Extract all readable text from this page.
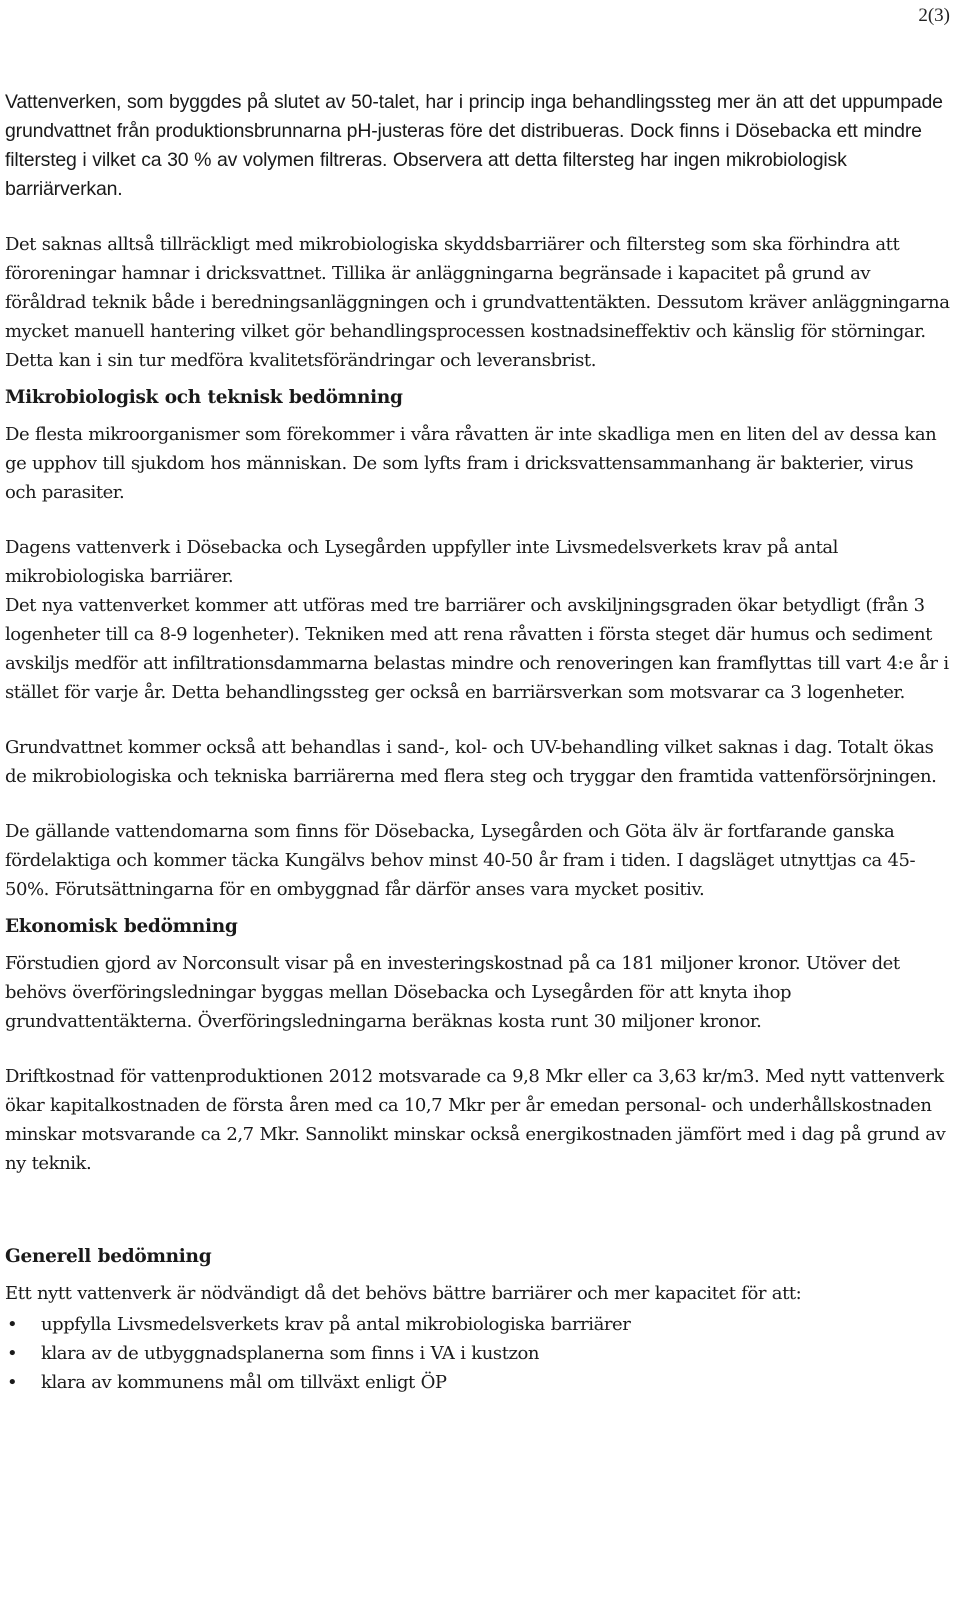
2(3)

Vattenverken, som byggdes på slutet av 50-talet, har i princip inga behandlingssteg mer än att det uppumpade grundvattnet från produktionsbrunnarna pH-justeras före det distribueras. Dock finns i Dösebacka ett mindre filtersteg i vilket ca 30 % av volymen filtreras. Observera att detta filtersteg har ingen mikrobiologisk barriärverkan.

Det saknas alltså tillräckligt med mikrobiologiska skyddsbarriärer och filtersteg som ska förhindra att föroreningar hamnar i dricksvattnet. Tillika är anläggningarna begränsade i kapacitet på grund av föråldrad teknik både i beredningsanläggningen och i grundvattentäkten. Dessutom kräver anläggningarna mycket manuell hantering vilket gör behandlingsprocessen kostnadsineffektiv och känslig för störningar. Detta kan i sin tur medföra kvalitetsförändringar och leveransbrist.

Mikrobiologisk och teknisk bedömning

De flesta mikroorganismer som förekommer i våra råvatten är inte skadliga men en liten del av dessa kan ge upphov till sjukdom hos människan. De som lyfts fram i dricksvattensammanhang är bakterier, virus och parasiter.

Dagens vattenverk i Dösebacka och Lysegården uppfyller inte Livsmedelsverkets krav på antal mikrobiologiska barriärer.

Det nya vattenverket kommer att utföras med tre barriärer och avskiljningsgraden ökar betydligt (från 3 logenheter till ca 8-9 logenheter). Tekniken med att rena råvatten i första steget där humus och sediment avskiljs medför att infiltrationsdammarna belastas mindre och renoveringen kan framflyttas till vart 4:e år i stället för varje år. Detta behandlingssteg ger också en barriärsverkan som motsvarar ca 3 logenheter.

Grundvattnet kommer också att behandlas i sand-, kol- och UV-behandling vilket saknas i dag. Totalt ökas de mikrobiologiska och tekniska barriärerna med flera steg och tryggar den framtida vattenförsörjningen.

De gällande vattendomarna som finns för Dösebacka, Lysegården och Göta älv är fortfarande ganska fördelaktiga och kommer täcka Kungälvs behov minst 40-50 år fram i tiden. I dagsläget utnyttjas ca 45-50%. Förutsättningarna för en ombyggnad får därför anses vara mycket positiv.

Ekonomisk bedömning

Förstudien gjord av Norconsult visar på en investeringskostnad på ca 181 miljoner kronor. Utöver det behövs överföringsledningar byggas mellan Dösebacka och Lysegården för att knyta ihop grundvattentäkterna. Överföringsledningarna beräknas kosta runt 30 miljoner kronor.

Driftkostnad för vattenproduktionen 2012 motsvarade ca 9,8 Mkr eller ca 3,63 kr/m3. Med nytt vattenverk ökar kapitalkostnaden de första åren med ca 10,7 Mkr per år emedan personal- och underhållskostnaden minskar motsvarande ca 2,7 Mkr. Sannolikt minskar också energikostnaden jämfört med i dag på grund av ny teknik.

Generell bedömning

Ett nytt vattenverk är nödvändigt då det behövs bättre barriärer och mer kapacitet för att:

• uppfylla Livsmedelsverkets krav på antal mikrobiologiska barriärer
• klara av de utbyggnadsplanerna som finns i VA i kustzon
• klara av kommunens mål om tillväxt enligt ÖP
